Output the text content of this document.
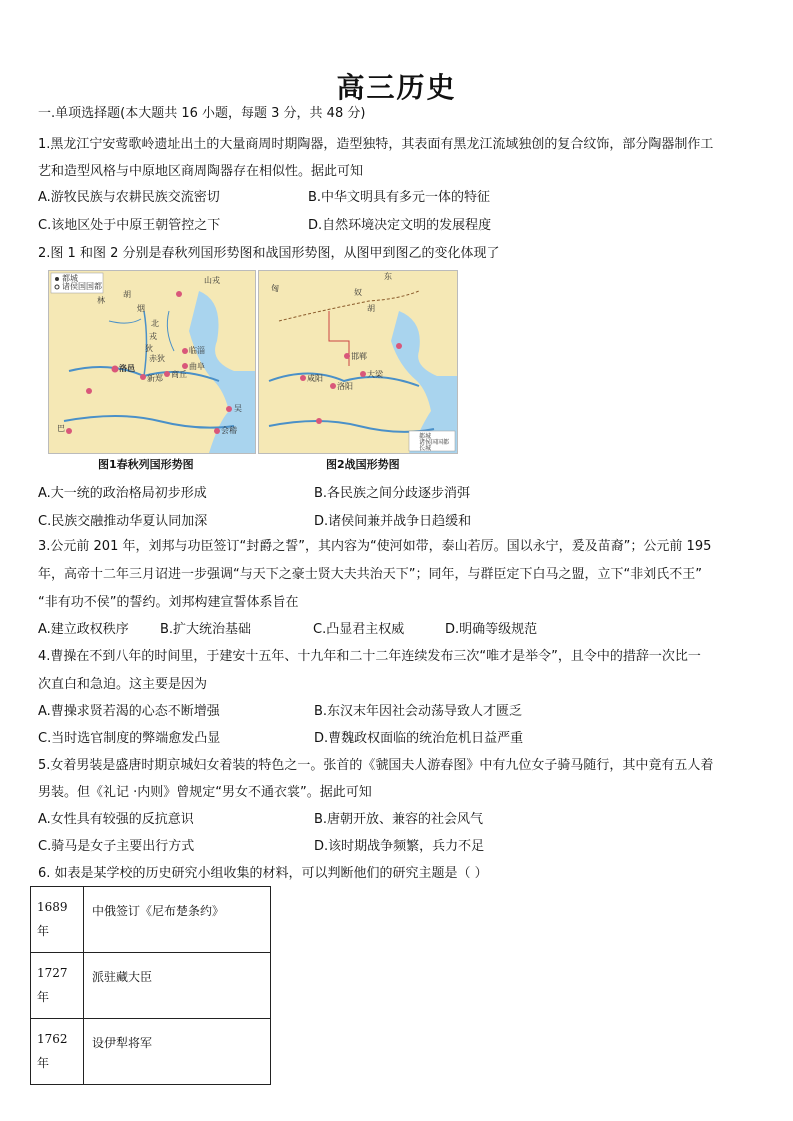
高三历史
一.单项选择题(本大题共 16 小题，每题 3 分，共 48 分)
1.黑龙江宁安莺歌岭遗址出土的大量商周时期陶器，造型独特，其表面有黑龙江流域独创的复合纹饰，部分陶器制作工
艺和造型风格与中原地区商周陶器存在相似性。据此可知
A.游牧民族与农耕民族交流密切	B.中华文明具有多元一体的特征
C.该地区处于中原王朝管控之下	D.自然环境决定文明的发展程度
2.图 1 和图 2 分别是春秋列国形势图和战国形势图，从图甲到图乙的变化体现了
都城
诸侯国国都
山戎
林
胡
烟
北
戎
狄
赤狄
临淄
曲阜
洛邑
新郑 商丘
吴
会稽
巴
图1春秋列国形势图
东
匈	奴
胡
邯郸
咸阳	大梁
洛阳
都城
诸侯国国都
长城
图2战国形势图
A.大一统的政治格局初步形成	B.各民族之间分歧逐步消弭
C.民族交融推动华夏认同加深	D.诸侯间兼并战争日趋缓和
3.公元前 201 年，刘邦与功臣签订“封爵之誓”，其内容为“使河如带，泰山若厉。国以永宁，爰及苗裔”；公元前 195
年，高帝十二年三月诏进一步强调“与天下之豪士贤大夫共治天下”；同年，与群臣定下白马之盟，立下“非刘氏不王”
“非有功不侯”的誓约。刘邦构建宣誓体系旨在
A.建立政权秩序 B.扩大统治基础	C.凸显君主权威	D.明确等级规范
4.曹操在不到八年的时间里，于建安十五年、十九年和二十二年连续发布三次“唯才是举令”，且令中的措辞一次比一
次直白和急迫。这主要是因为
A.曹操求贤若渴的心态不断增强	B.东汉末年因社会动荡导致人才匮乏
C.当时选官制度的弊端愈发凸显	D.曹魏政权面临的统治危机日益严重
5.女着男装是盛唐时期京城妇女着装的特色之一。张首的《虢国夫人游春图》中有九位女子骑马随行，其中竟有五人着
男装。但《礼记 ·内则》曾规定“男女不通衣裳”。据此可知
A.女性具有较强的反抗意识	B.唐朝开放、兼容的社会风气
C.骑马是女子主要出行方式	D.该时期战争频繁，兵力不足
6. 如表是某学校的历史研究小组收集的材料，可以判断他们的研究主题是（ ）
1689
年	中俄签订《尼布楚条约》
1727
年	派驻藏大臣
1762
年	设伊犁将军
